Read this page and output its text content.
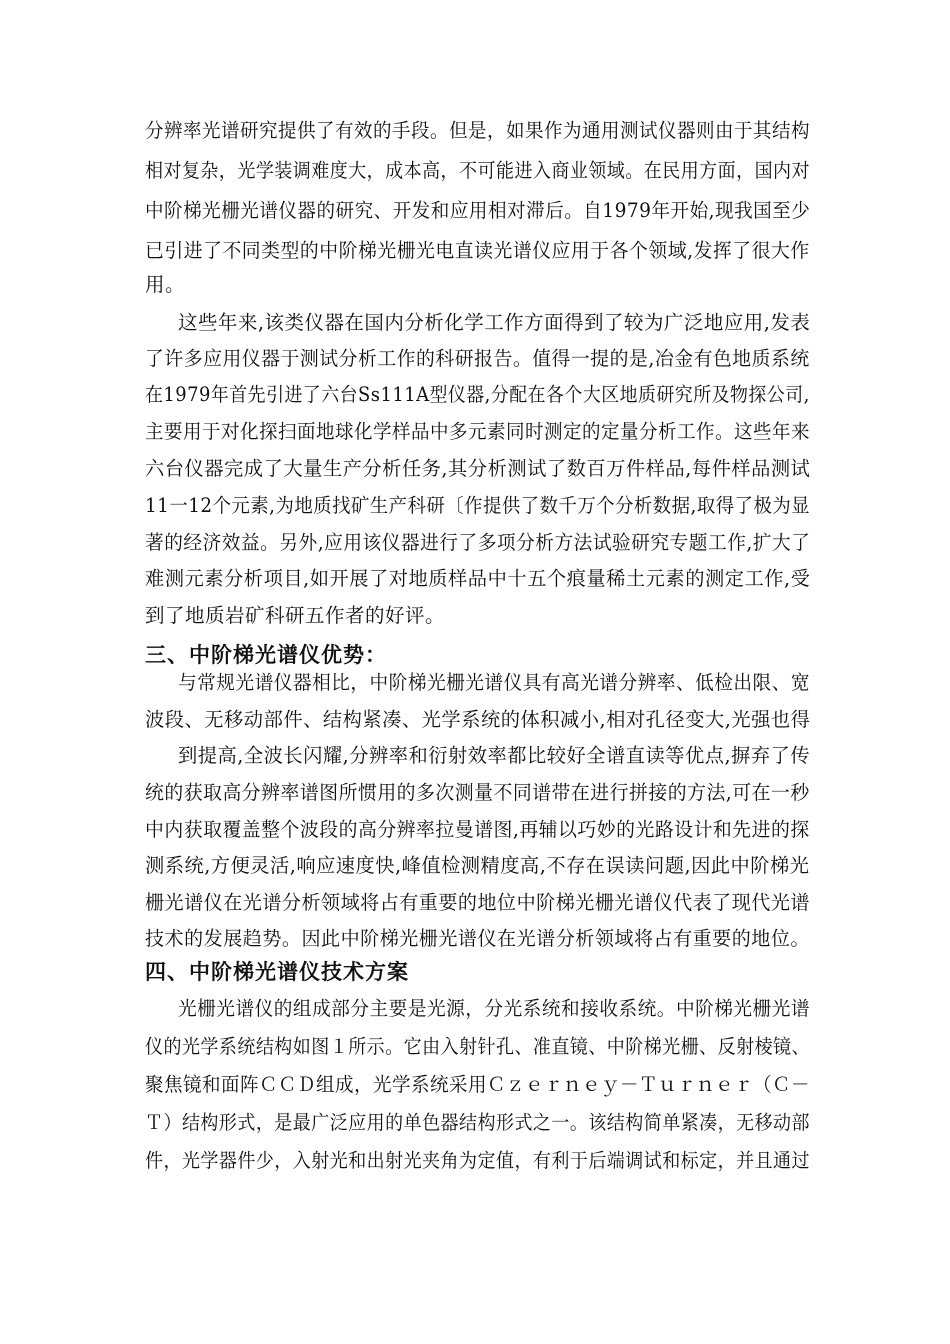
分辨率光谱研究提供了有效的手段。但是，如果作为通用测试仪器则由于其结构
相对复杂，光学装调难度大，成本高，不可能进入商业领域。在民用方面，国内对
中阶梯光栅光谱仪器的研究、开发和应用相对滞后。自1979年开始,现我国至少
已引进了不同类型的中阶梯光栅光电直读光谱仪应用于各个领域,发挥了很大作
用。
这些年来,该类仪器在国内分析化学工作方面得到了较为广泛地应用,发表
了许多应用仪器于测试分析工作的科研报告。值得一提的是,冶金有色地质系统
在1979年首先引进了六台Ss111A型仪器,分配在各个大区地质研究所及物探公司,
主要用于对化探扫面地球化学样品中多元素同时测定的定量分析工作。这些年来
六台仪器完成了大量生产分析任务,其分析测试了数百万件样品,每件样品测试
11一12个元素,为地质找矿生产科研〔作提供了数千万个分析数据,取得了极为显
著的经济效益。另外,应用该仪器进行了多项分析方法试验研究专题工作,扩大了
难测元素分析项目,如开展了对地质样品中十五个痕量稀土元素的测定工作,受
到了地质岩矿科研五作者的好评。
三、中阶梯光谱仪优势：
与常规光谱仪器相比，中阶梯光栅光谱仪具有高光谱分辨率、低检出限、宽
波段、无移动部件、结构紧凑、光学系统的体积减小,相对孔径变大,光强也得
到提高,全波长闪耀,分辨率和衍射效率都比较好全谱直读等优点,摒弃了传
统的获取高分辨率谱图所惯用的多次测量不同谱带在进行拼接的方法,可在一秒
中内获取覆盖整个波段的高分辨率拉曼谱图,再辅以巧妙的光路设计和先进的探
测系统,方便灵活,响应速度快,峰值检测精度高,不存在误读问题,因此中阶梯光
栅光谱仪在光谱分析领域将占有重要的地位中阶梯光栅光谱仪代表了现代光谱
技术的发展趋势。因此中阶梯光栅光谱仪在光谱分析领域将占有重要的地位。
四、中阶梯光谱仪技术方案
光栅光谱仪的组成部分主要是光源，分光系统和接收系统。中阶梯光栅光谱
仪的光学系统结构如图１所示。它由入射针孔、准直镜、中阶梯光栅、反射棱镜、
聚焦镜和面阵ＣＣＤ组成，光学系统采用Ｃｚｅｒｎｅｙ－Ｔｕｒｎｅｒ（Ｃ－
Ｔ）结构形式，是最广泛应用的单色器结构形式之一。该结构简单紧凑，无移动部
件，光学器件少，入射光和出射光夹角为定值，有利于后端调试和标定，并且通过
